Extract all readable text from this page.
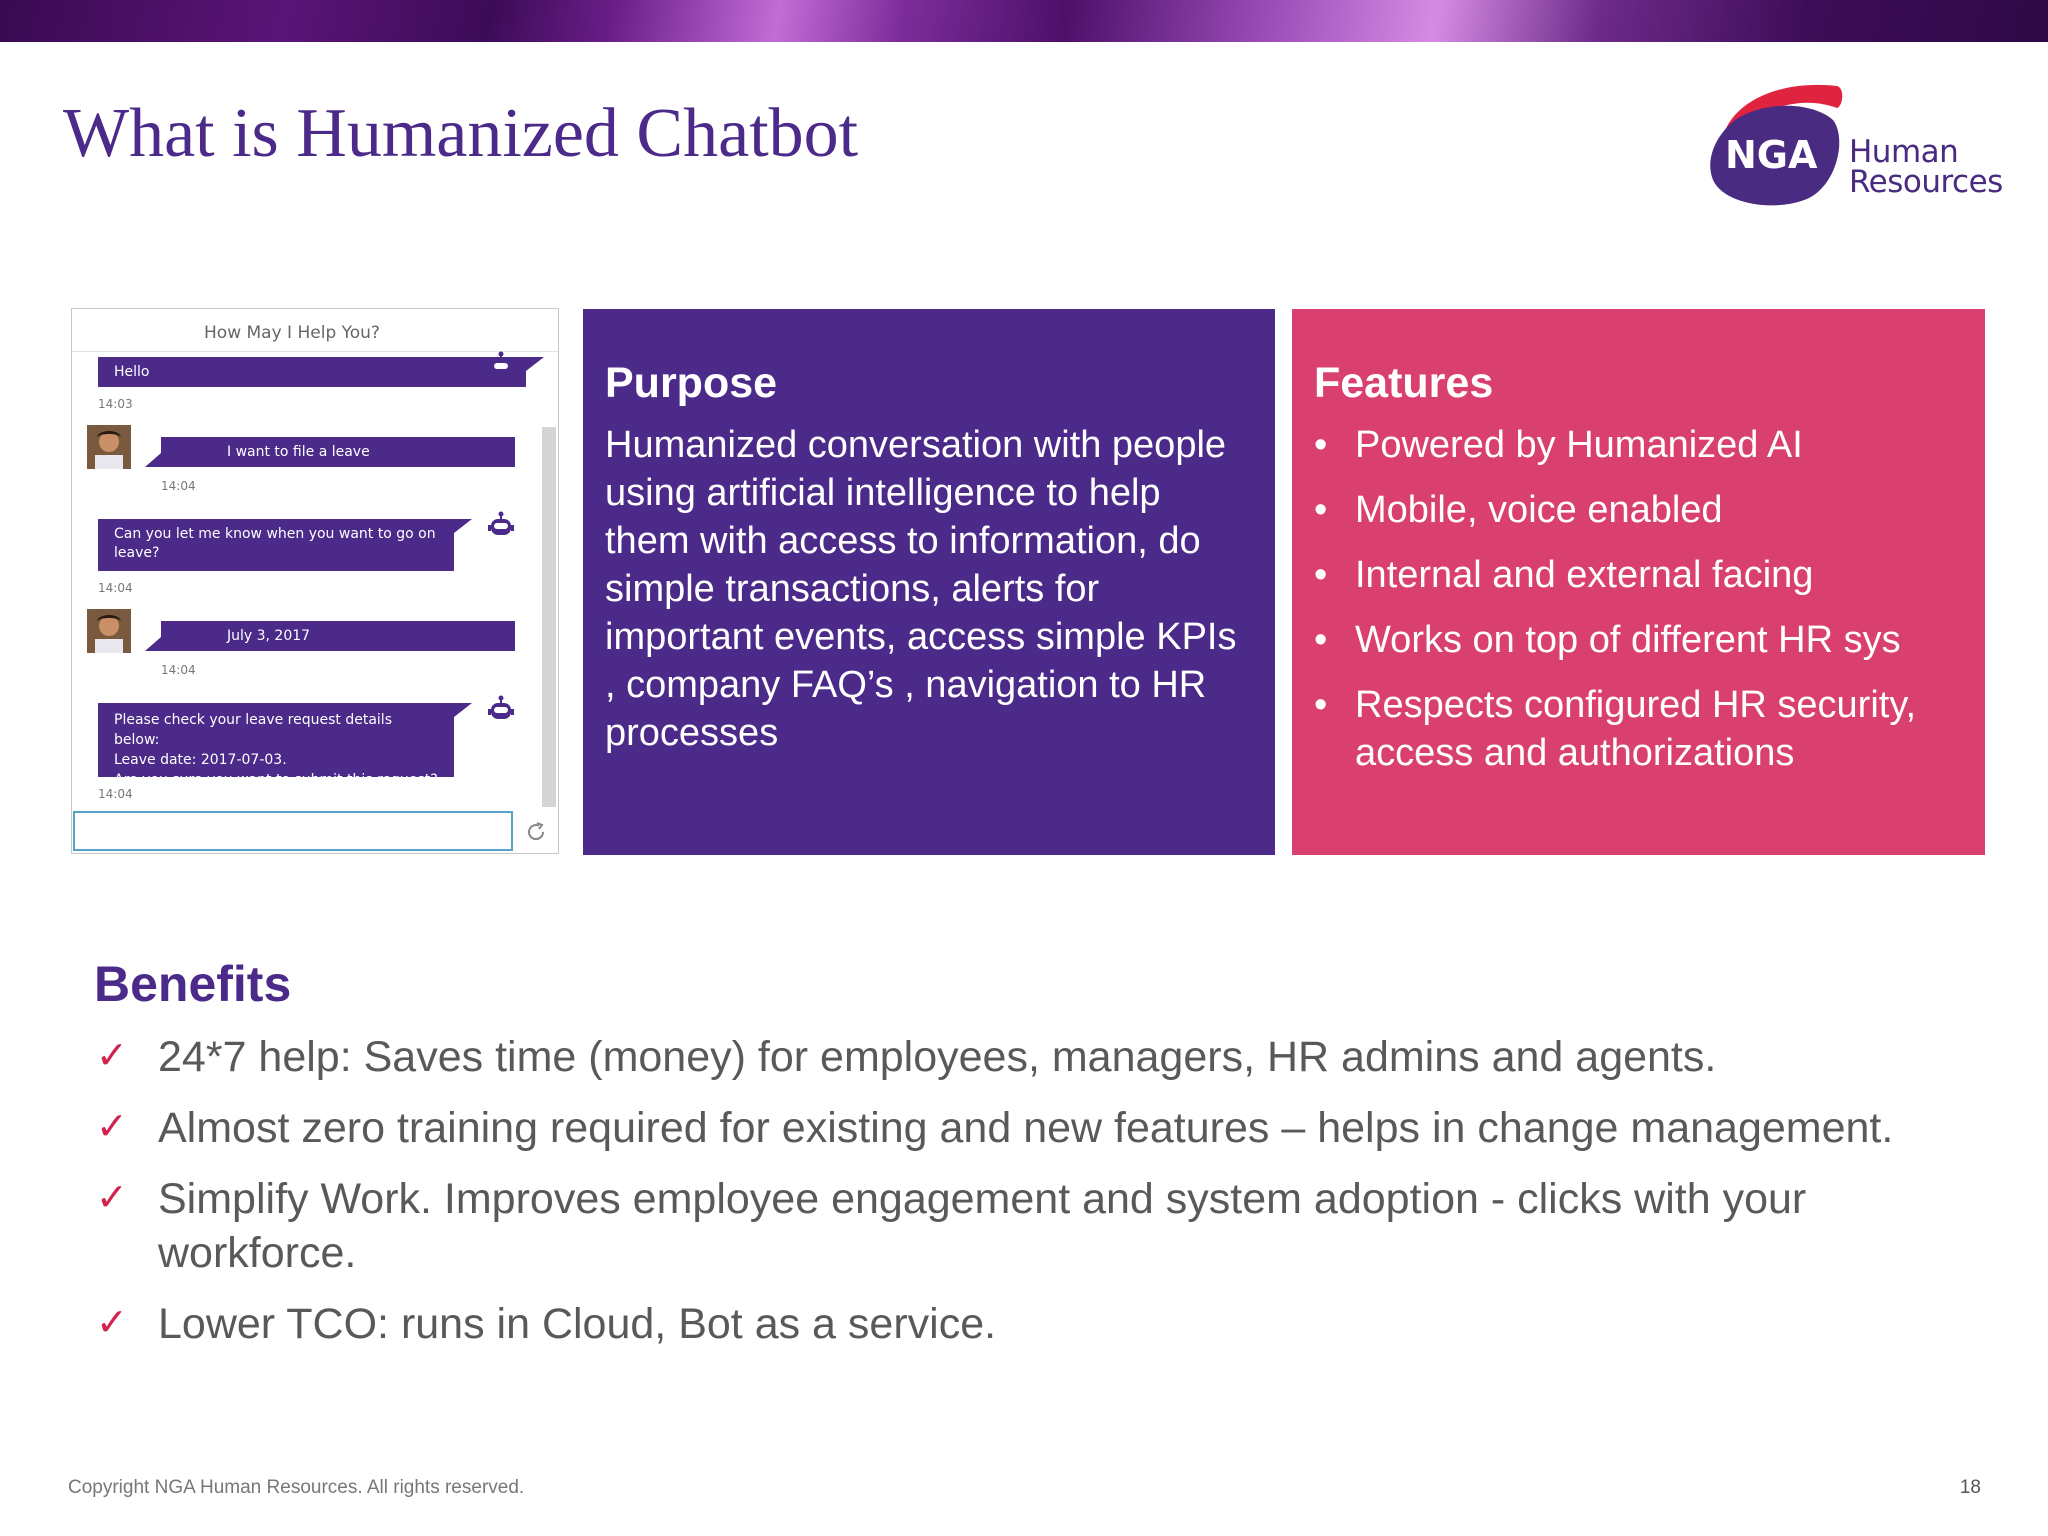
What is Humanized Chatbot	NGA Human
Resources
How May I Help You?
Hello
14:03
I want to file a leave
14:04
Can you let me know when you want to go on
leave?
14:04
July 3, 2017
14:04
Please check your leave request details below:
Leave date: 2017-07-03.
Are you sure you want to submit this request?
14:04
Purpose

Humanized conversation with people using artificial intelligence to help them with access to information, do simple transactions, alerts for important events, access simple KPIs , company FAQ’s , navigation to HR processes

Features
• Powered by Humanized AI
• Mobile, voice enabled
• Internal and external facing
• Works on top of different HR sys
• Respects configured HR security, access and authorizations
Benefits
✓ 24*7 help: Saves time (money) for employees, managers, HR admins and agents.
✓ Almost zero training required for existing and new features – helps in change management.
✓ Simplify Work. Improves employee engagement and system adoption - clicks with your workforce.
✓ Lower TCO: runs in Cloud, Bot as a service.
Copyright NGA Human Resources. All rights reserved.	18
